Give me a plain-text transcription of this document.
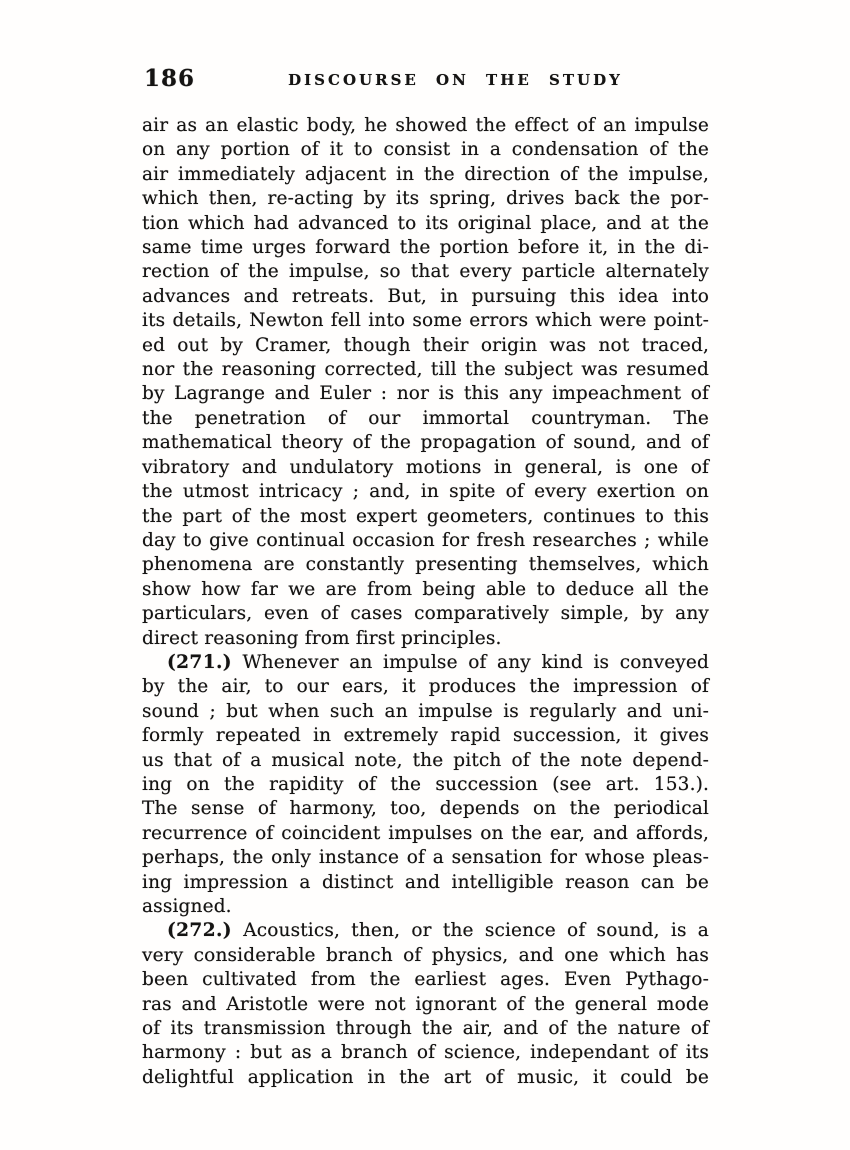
186	DISCOURSE ON THE STUDY
air as an elastic body, he showed the effect of an impulse
on any portion of it to consist in a condensation of the
air immediately adjacent in the direction of the impulse,
which then, re-acting by its spring, drives back the por-
tion which had advanced to its original place, and at the
same time urges forward the portion before it, in the di-
rection of the impulse, so that every particle alternately
advances and retreats. But, in pursuing this idea into
its details, Newton fell into some errors which were point-
ed out by Cramer, though their origin was not traced,
nor the reasoning corrected, till the subject was resumed
by Lagrange and Euler : nor is this any impeachment of
the penetration of our immortal countryman. The
mathematical theory of the propagation of sound, and of
vibratory and undulatory motions in general, is one of
the utmost intricacy ; and, in spite of every exertion on
the part of the most expert geometers, continues to this
day to give continual occasion for fresh researches ; while
phenomena are constantly presenting themselves, which
show how far we are from being able to deduce all the
particulars, even of cases comparatively simple, by any
direct reasoning from first principles.
(271.) Whenever an impulse of any kind is conveyed
by the air, to our ears, it produces the impression of
sound ; but when such an impulse is regularly and uni-
formly repeated in extremely rapid succession, it gives
us that of a musical note, the pitch of the note depend-
ing on the rapidity of the succession (see art. 153.).
The sense of harmony, too, depends on the periodical
recurrence of coincident impulses on the ear, and affords,
perhaps, the only instance of a sensation for whose pleas-
ing impression a distinct and intelligible reason can be
assigned.
(272.) Acoustics, then, or the science of sound, is a
very considerable branch of physics, and one which has
been cultivated from the earliest ages. Even Pythago-
ras and Aristotle were not ignorant of the general mode
of its transmission through the air, and of the nature of
harmony : but as a branch of science, independant of its
delightful application in the art of music, it could be
